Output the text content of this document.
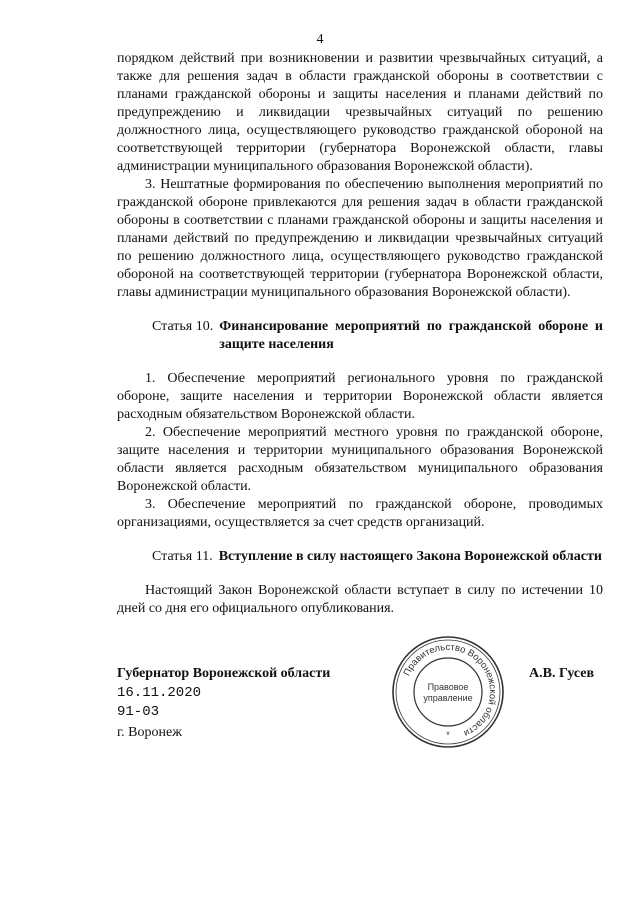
4

порядком действий при возникновении и развитии чрезвычайных ситуаций, а также для решения задач в области гражданской обороны в соответствии с планами гражданской обороны и защиты населения и планами действий по предупреждению и ликвидации чрезвычайных ситуаций по решению должностного лица, осуществляющего руководство гражданской обороной на соответствующей территории (губернатора Воронежской области, главы администрации муниципального образования Воронежской области).

3. Нештатные формирования по обеспечению выполнения мероприятий по гражданской обороне привлекаются для решения задач в области гражданской обороны в соответствии с планами гражданской обороны и защиты населения и планами действий по предупреждению и ликвидации чрезвычайных ситуаций по решению должностного лица, осуществляющего руководство гражданской обороной на соответствующей территории (губернатора Воронежской области, главы администрации муниципального образования Воронежской области).

Статья 10. Финансирование мероприятий по гражданской обороне и защите населения

1. Обеспечение мероприятий регионального уровня по гражданской обороне, защите населения и территории Воронежской области является расходным обязательством Воронежской области.

2. Обеспечение мероприятий местного уровня по гражданской обороне, защите населения и территории муниципального образования Воронежской области является расходным обязательством муниципального образования Воронежской области.

3. Обеспечение мероприятий по гражданской обороне, проводимых организациями, осуществляется за счет средств организаций.

Статья 11. Вступление в силу настоящего Закона Воронежской области

Настоящий Закон Воронежской области вступает в силу по истечении 10 дней со дня его официального опубликования.

Губернатор Воронежской области	А.В. Гусев
16.11.2020
91-03
г. Воронеж
Правительство Воронежской области
Правовое
управление
*
